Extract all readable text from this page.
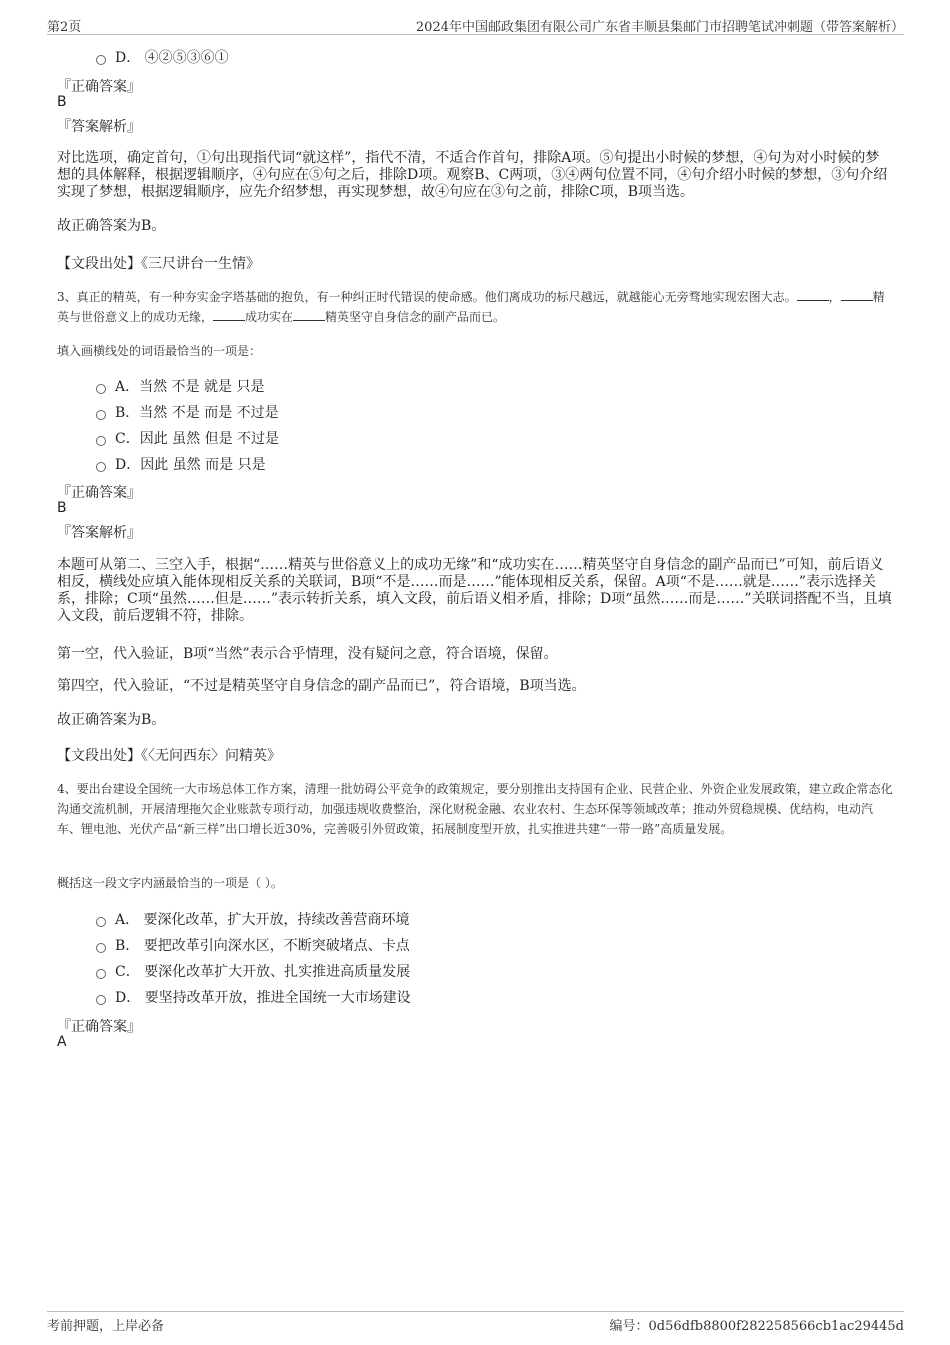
第2页	2024年中国邮政集团有限公司广东省丰顺县集邮门市招聘笔试冲刺题（带答案解析）
D． ④②⑤③⑥①
『正确答案』
B
『答案解析』
对比选项，确定首句，①句出现指代词“就这样”，指代不清，不适合作首句，排除A项。⑤句提出小时候的梦想，④句为对小时候的梦想的具体解释，根据逻辑顺序，④句应在⑤句之后，排除D项。观察B、C两项，③④两句位置不同，④句介绍小时候的梦想，③句介绍实现了梦想，根据逻辑顺序，应先介绍梦想，再实现梦想，故④句应在③句之前，排除C项，B项当选。
故正确答案为B。
【文段出处】《三尺讲台一生情》
3、真正的精英，有一种夯实金字塔基础的抱负，有一种纠正时代错误的使命感。他们离成功的标尺越远，就越能心无旁骛地实现宏图大志。	，	精英与世俗意义上的成功无缘，	成功实在	精英坚守自身信念的副产品而已。
填入画横线处的词语最恰当的一项是：
A．当然 不是 就是 只是
B．当然 不是 而是 不过是
C．因此 虽然 但是 不过是
D．因此 虽然 而是 只是
『正确答案』
B
『答案解析』
本题可从第二、三空入手，根据“……精英与世俗意义上的成功无缘”和“成功实在……精英坚守自身信念的副产品而已”可知，前后语义相反，横线处应填入能体现相反关系的关联词，B项“不是……而是……”能体现相反关系，保留。A项“不是……就是……”表示选择关系，排除；C项“虽然……但是……”表示转折关系，填入文段，前后语义相矛盾，排除；D项“虽然……而是……”关联词搭配不当，且填入文段，前后逻辑不符，排除。
第一空，代入验证，B项“当然”表示合乎情理，没有疑问之意，符合语境，保留。
第四空，代入验证，“不过是精英坚守自身信念的副产品而已”，符合语境，B项当选。
故正确答案为B。
【文段出处】《〈无问西东〉问精英》
4、要出台建设全国统一大市场总体工作方案，清理一批妨碍公平竞争的政策规定，要分别推出支持国有企业、民营企业、外资企业发展政策，建立政企常态化沟通交流机制，开展清理拖欠企业账款专项行动，加强违规收费整治，深化财税金融、农业农村、生态环保等领域改革；推动外贸稳规模、优结构，电动汽车、锂电池、光伏产品“新三样”出口增长近30%，完善吸引外贸政策，拓展制度型开放，扎实推进共建“一带一路”高质量发展。
概括这一段文字内涵最恰当的一项是（ ）。
A． 要深化改革，扩大开放，持续改善营商环境
B． 要把改革引向深水区，不断突破堵点、卡点
C． 要深化改革扩大开放、扎实推进高质量发展
D． 要坚持改革开放，推进全国统一大市场建设
『正确答案』
A
考前押题，上岸必备	编号：0d56dfb8800f282258566cb1ac29445d
